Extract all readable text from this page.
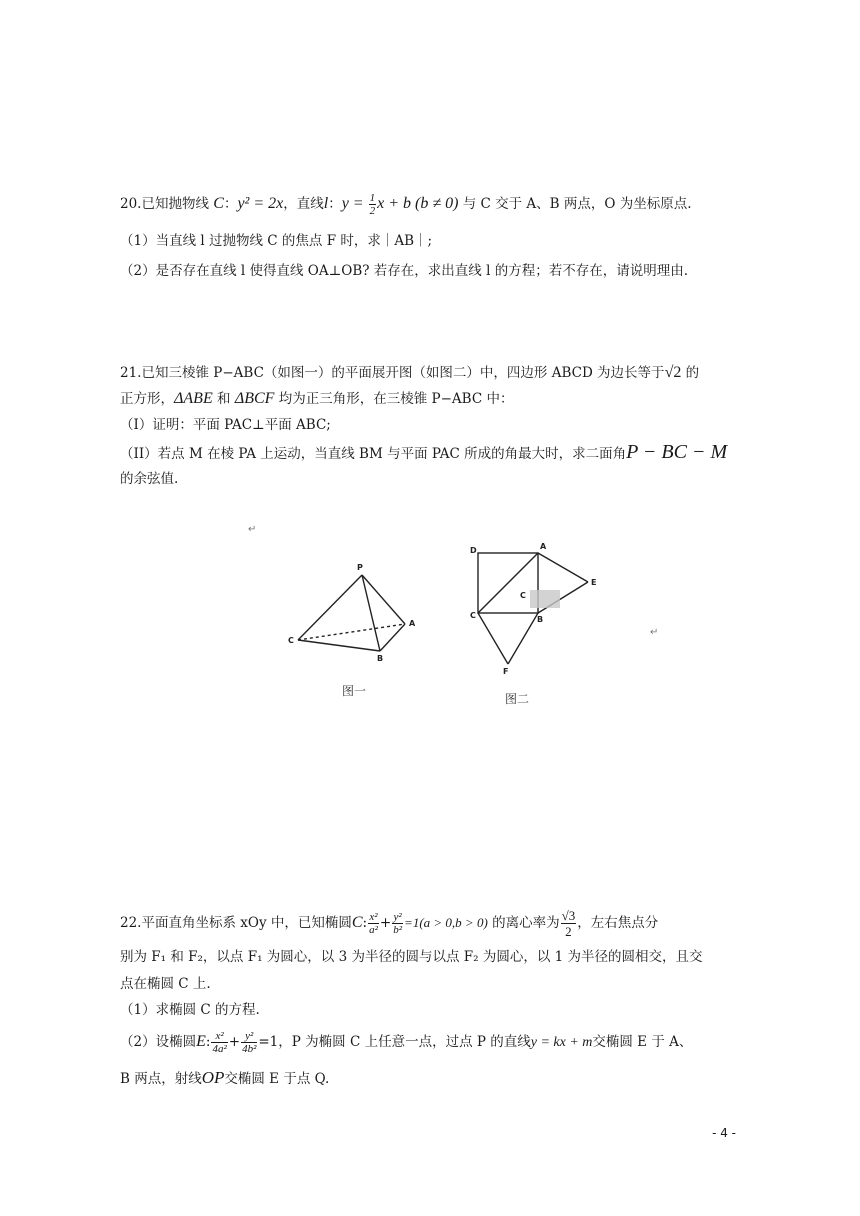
20.已知抛物线 C：y² = 2x，直线l：$y = \frac{1}{2}$ x + b (b ≠ 0) 与 C 交于 A、B 两点，O 为坐标原点.
（1）当直线 l 过抛物线 C 的焦点 F 时，求｜AB｜;
（2）是否存在直线 l 使得直线 OA⊥OB? 若存在，求出直线 l 的方程；若不存在，请说明理由.
21.已知三棱锥 P−ABC（如图一）的平面展开图（如图二）中，四边形 ABCD 为边长等于√2 的
正方形，ΔABE 和 ΔBCF 均为正三角形，在三棱锥 P−ABC 中：
（I）证明：平面 PAC⊥平面 ABC;
（II）若点 M 在棱 PA 上运动，当直线 BM 与平面 PAC 所成的角最大时，求二面角P − BC − M
的余弦值.
↵
↵
P
C
A
B
D	A
E
C
C	B
F
图一
图二
22.平面直角坐标系 xOy 中，已知椭圆C: $\frac{\text{x²}}{\text{a²}} + \frac{\text{y²}}{\text{b²}} =1(a > 0,b > 0)$ 的离心率为 $\frac{√3}{2}$ ，左右焦点分
别为 F₁ 和 F₂，以点 F₁ 为圆心，以 3 为半径的圆与以点 F₂ 为圆心，以 1 为半径的圆相交，且交
点在椭圆 C 上.
（1）求椭圆 C 的方程.
（2）设椭圆E: $\frac{\text{x²}}{\text{4a²}} + \frac{\text{y²}}{\text{4b²}} =1$，P 为椭圆 C 上任意一点，过点 P 的直线y = kx + m交椭圆 E 于 A、
B 两点，射线OP交椭圆 E 于点 Q.
- 4 -
